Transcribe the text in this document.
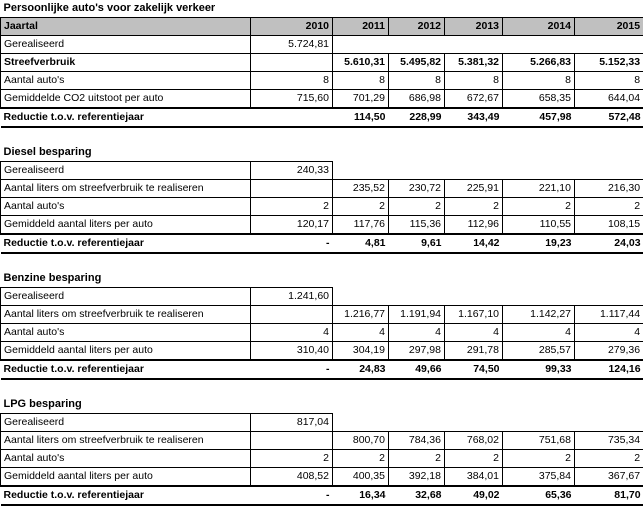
Persoonlijke auto's voor zakelijk verkeer						
Jaartal	2010	2011	2012	2013	2014	2015
Gerealiseerd	5.724,81					
Streefverbruik		5.610,31	5.495,82	5.381,32	5.266,83	5.152,33
Aantal auto's	8	8	8	8	8	8
Gemiddelde CO2 uitstoot per auto	715,60	701,29	686,98	672,67	658,35	644,04
Reductie t.o.v. referentiejaar		114,50	228,99	343,49	457,98	572,48

Diesel besparing						
Gerealiseerd	240,33					
Aantal liters om streefverbruik te realiseren		235,52	230,72	225,91	221,10	216,30
Aantal auto's	2	2	2	2	2	2
Gemiddeld aantal liters per auto	120,17	117,76	115,36	112,96	110,55	108,15
Reductie t.o.v. referentiejaar	-	4,81	9,61	14,42	19,23	24,03

Benzine besparing						
Gerealiseerd	1.241,60					
Aantal liters om streefverbruik te realiseren		1.216,77	1.191,94	1.167,10	1.142,27	1.117,44
Aantal auto's	4	4	4	4	4	4
Gemiddeld aantal liters per auto	310,40	304,19	297,98	291,78	285,57	279,36
Reductie t.o.v. referentiejaar	-	24,83	49,66	74,50	99,33	124,16

LPG besparing						
Gerealiseerd	817,04					
Aantal liters om streefverbruik te realiseren		800,70	784,36	768,02	751,68	735,34
Aantal auto's	2	2	2	2	2	2
Gemiddeld aantal liters per auto	408,52	400,35	392,18	384,01	375,84	367,67
Reductie t.o.v. referentiejaar	-	16,34	32,68	49,02	65,36	81,70
